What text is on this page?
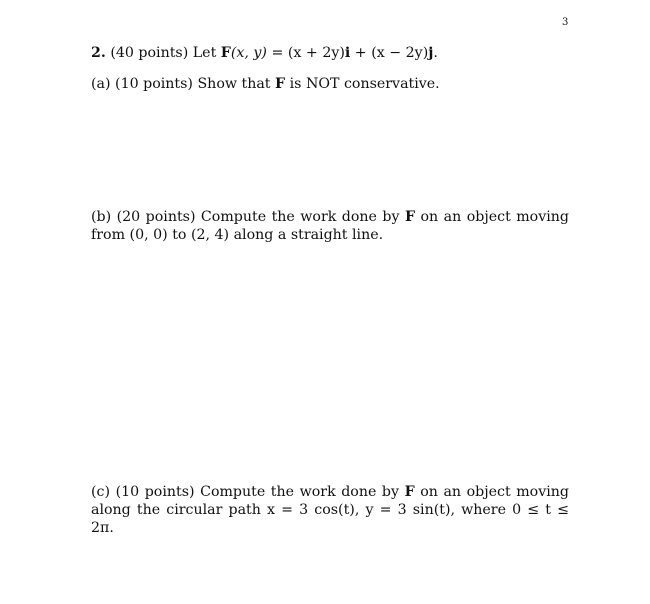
3
2. (40 points) Let F(x, y) = (x + 2y)i + (x − 2y)j.
(a) (10 points) Show that F is NOT conservative.
(b) (20 points) Compute the work done by F on an object moving from (0, 0) to (2, 4) along a straight line.
(c) (10 points) Compute the work done by F on an object moving along the circular path x = 3 cos(t), y = 3 sin(t), where 0 ≤ t ≤ 2π.
